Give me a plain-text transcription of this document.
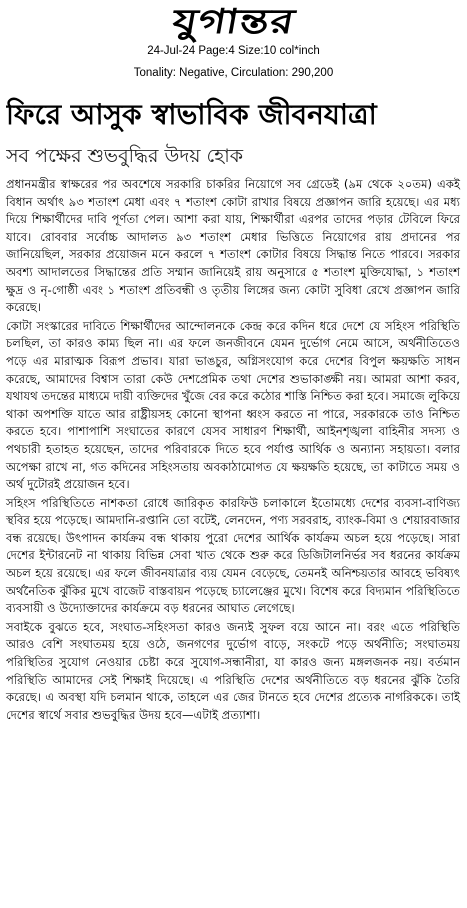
যুগান্তর
24-Jul-24 Page:4 Size:10 col*inch
Tonality: Negative, Circulation: 290,200
ফিরে আসুক স্বাভাবিক জীবনযাত্রা
সব পক্ষের শুভবুদ্ধির উদয় হোক

প্রধানমন্ত্রীর স্বাক্ষরের পর অবশেষে সরকারি চাকরির নিয়োগে সব গ্রেডেই (৯ম থেকে ২০তম) একই বিধান অর্থাৎ ৯৩ শতাংশ মেধা এবং ৭ শতাংশ কোটা রাখার বিষয়ে প্রজ্ঞাপন জারি হয়েছে। এর মধ্য দিয়ে শিক্ষার্থীদের দাবি পূর্ণতা পেল। আশা করা যায়, শিক্ষার্থীরা এরপর তাদের পড়ার টেবিলে ফিরে যাবে। রোববার সর্বোচ্চ আদালত ৯৩ শতাংশ মেধার ভিত্তিতে নিয়োগের রায় প্রদানের পর জানিয়েছিল, সরকার প্রয়োজন মনে করলে ৭ শতাংশ কোটার বিষয়ে সিদ্ধান্ত নিতে পারবে। সরকার অবশ্য আদালতের সিদ্ধান্তের প্রতি সম্মান জানিয়েই রায় অনুসারে ৫ শতাংশ মুক্তিযোদ্ধা, ১ শতাংশ ক্ষুদ্র ও নৃ-গোষ্ঠী এবং ১ শতাংশ প্রতিবন্ধী ও তৃতীয় লিঙ্গের জন্য কোটা সুবিধা রেখে প্রজ্ঞাপন জারি করেছে।

কোটা সংস্কারের দাবিতে শিক্ষার্থীদের আন্দোলনকে কেন্দ্র করে কদিন ধরে দেশে যে সহিংস পরিস্থিতি চলছিল, তা কারও কাম্য ছিল না। এর ফলে জনজীবনে যেমন দুর্ভোগ নেমে আসে, অর্থনীতিতেও পড়ে এর মারাত্মক বিরূপ প্রভাব। যারা ভাঙচুর, অগ্নিসংযোগ করে দেশের বিপুল ক্ষয়ক্ষতি সাধন করেছে, আমাদের বিশ্বাস তারা কেউ দেশপ্রেমিক তথা দেশের শুভাকাঙ্ক্ষী নয়। আমরা আশা করব, যথাযথ তদন্তের মাধ্যমে দায়ী ব্যক্তিদের খুঁজে বের করে কঠোর শাস্তি নিশ্চিত করা হবে। সমাজে লুকিয়ে থাকা অপশক্তি যাতে আর রাষ্ট্রীয়সহ কোনো স্থাপনা ধ্বংস করতে না পারে, সরকারকে তাও নিশ্চিত করতে হবে। পাশাপাশি সংঘাতের কারণে যেসব সাধারণ শিক্ষার্থী, আইনশৃঙ্খলা বাহিনীর সদস্য ও পথচারী হতাহত হয়েছেন, তাদের পরিবারকে দিতে হবে পর্যাপ্ত আর্থিক ও অন্যান্য সহায়তা। বলার অপেক্ষা রাখে না, গত কদিনের সহিংসতায় অবকাঠামোগত যে ক্ষয়ক্ষতি হয়েছে, তা কাটাতে সময় ও অর্থ দুটোরই প্রয়োজন হবে।

সহিংস পরিস্থিতিতে নাশকতা রোধে জারিকৃত কারফিউ চলাকালে ইতোমধ্যে দেশের ব্যবসা-বাণিজ্য স্থবির হয়ে পড়েছে। আমদানি-রপ্তানি তো বটেই, লেনদেন, পণ্য সরবরাহ, ব্যাংক-বিমা ও শেয়ারবাজার বন্ধ রয়েছে। উৎপাদন কার্যক্রম বন্ধ থাকায় পুরো দেশের আর্থিক কার্যক্রম অচল হয়ে পড়েছে। সারা দেশের ইন্টারনেট না থাকায় বিভিন্ন সেবা খাত থেকে শুরু করে ডিজিটালনির্ভর সব ধরনের কার্যক্রম অচল হয়ে রয়েছে। এর ফলে জীবনযাত্রার ব্যয় যেমন বেড়েছে, তেমনই অনিশ্চয়তার আবহে ভবিষ্যৎ অর্থনৈতিক ঝুঁকির মুখে বাজেট বাস্তবায়ন পড়েছে চ্যালেঞ্জের মুখে। বিশেষ করে বিদ্যমান পরিস্থিতিতে ব্যবসায়ী ও উদ্যোক্তাদের কার্যক্রমে বড় ধরনের আঘাত লেগেছে।

সবাইকে বুঝতে হবে, সংঘাত-সহিংসতা কারও জন্যই সুফল বয়ে আনে না। বরং এতে পরিস্থিতি আরও বেশি সংঘাতময় হয়ে ওঠে, জনগণের দুর্ভোগ বাড়ে, সংকটে পড়ে অর্থনীতি; সংঘাতময় পরিস্থিতির সুযোগ নেওয়ার চেষ্টা করে সুযোগ-সন্ধানীরা, যা কারও জন্য মঙ্গলজনক নয়। বর্তমান পরিস্থিতি আমাদের সেই শিক্ষাই দিয়েছে। এ পরিস্থিতি দেশের অর্থনীতিতে বড় ধরনের ঝুঁকি তৈরি করেছে। এ অবস্থা যদি চলমান থাকে, তাহলে এর জের টানতে হবে দেশের প্রত্যেক নাগরিককে। তাই দেশের স্বার্থে সবার শুভবুদ্ধির উদয় হবে—এটাই প্রত্যাশা।
